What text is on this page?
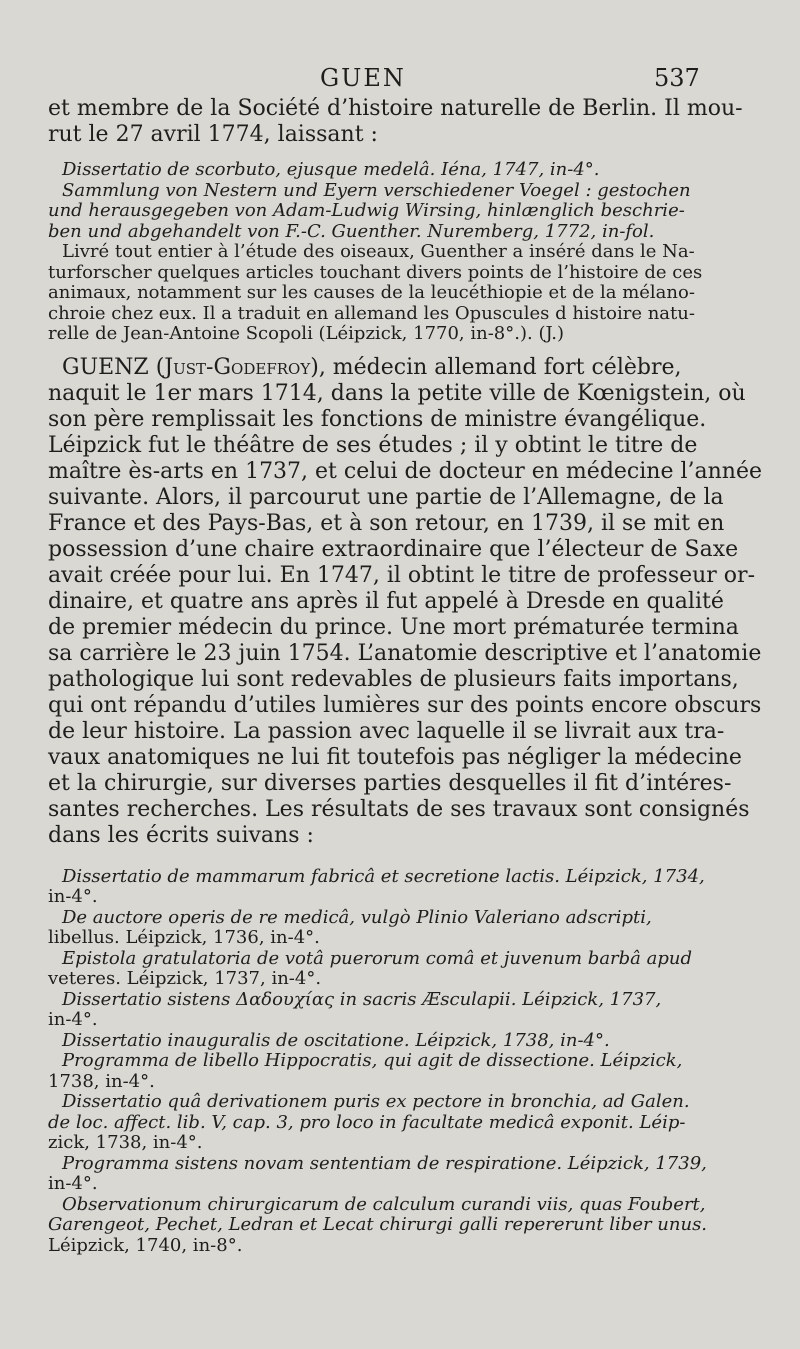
GUEN	537
et membre de la Société d’histoire naturelle de Berlin. Il mou-
rut le 27 avril 1774, laissant :
Dissertatio de scorbuto, ejusque medelâ. Iéna, 1747, in-4°.
Sammlung von Nestern und Eyern verschiedener Voegel : gestochen
und herausgegeben von Adam-Ludwig Wirsing, hinlænglich beschrie-
ben und abgehandelt von F.-C. Guenther. Nuremberg, 1772, in-fol.
Livré tout entier à l’étude des oiseaux, Guenther a inséré dans le Na-
turforscher quelques articles touchant divers points de l’histoire de ces
animaux, notamment sur les causes de la leucéthiopie et de la mélano-
chroie chez eux. Il a traduit en allemand les Opuscules d histoire natu-
relle de Jean-Antoine Scopoli (Léipzick, 1770, in-8°.). (J.)
GUENZ (Just-Godefroy), médecin allemand fort célèbre,
naquit le 1er mars 1714, dans la petite ville de Kœnigstein, où
son père remplissait les fonctions de ministre évangélique.
Léipzick fut le théâtre de ses études ; il y obtint le titre de
maître ès-arts en 1737, et celui de docteur en médecine l’année
suivante. Alors, il parcourut une partie de l’Allemagne, de la
France et des Pays-Bas, et à son retour, en 1739, il se mit en
possession d’une chaire extraordinaire que l’électeur de Saxe
avait créée pour lui. En 1747, il obtint le titre de professeur or-
dinaire, et quatre ans après il fut appelé à Dresde en qualité
de premier médecin du prince. Une mort prématurée termina
sa carrière le 23 juin 1754. L’anatomie descriptive et l’anatomie
pathologique lui sont redevables de plusieurs faits importans,
qui ont répandu d’utiles lumières sur des points encore obscurs
de leur histoire. La passion avec laquelle il se livrait aux tra-
vaux anatomiques ne lui fit toutefois pas négliger la médecine
et la chirurgie, sur diverses parties desquelles il fit d’intéres-
santes recherches. Les résultats de ses travaux sont consignés
dans les écrits suivans :
Dissertatio de mammarum fabricâ et secretione lactis. Léipzick, 1734,
in-4°.
De auctore operis de re medicâ, vulgò Plinio Valeriano adscripti,
libellus. Léipzick, 1736, in-4°.
Epistola gratulatoria de votâ puerorum comâ et juvenum barbâ apud
veteres. Léipzick, 1737, in-4°.
Dissertatio sistens Δαδουχίας in sacris Æsculapii. Léipzick, 1737,
in-4°.
Dissertatio inauguralis de oscitatione. Léipzick, 1738, in-4°.
Programma de libello Hippocratis, qui agit de dissectione. Léipzick,
1738, in-4°.
Dissertatio quâ derivationem puris ex pectore in bronchia, ad Galen.
de loc. affect. lib. V, cap. 3, pro loco in facultate medicâ exponit. Léip-
zick, 1738, in-4°.
Programma sistens novam sententiam de respiratione. Léipzick, 1739,
in-4°.
Observationum chirurgicarum de calculum curandi viis, quas Foubert,
Garengeot, Pechet, Ledran et Lecat chirurgi galli repererunt liber unus.
Léipzick, 1740, in-8°.
